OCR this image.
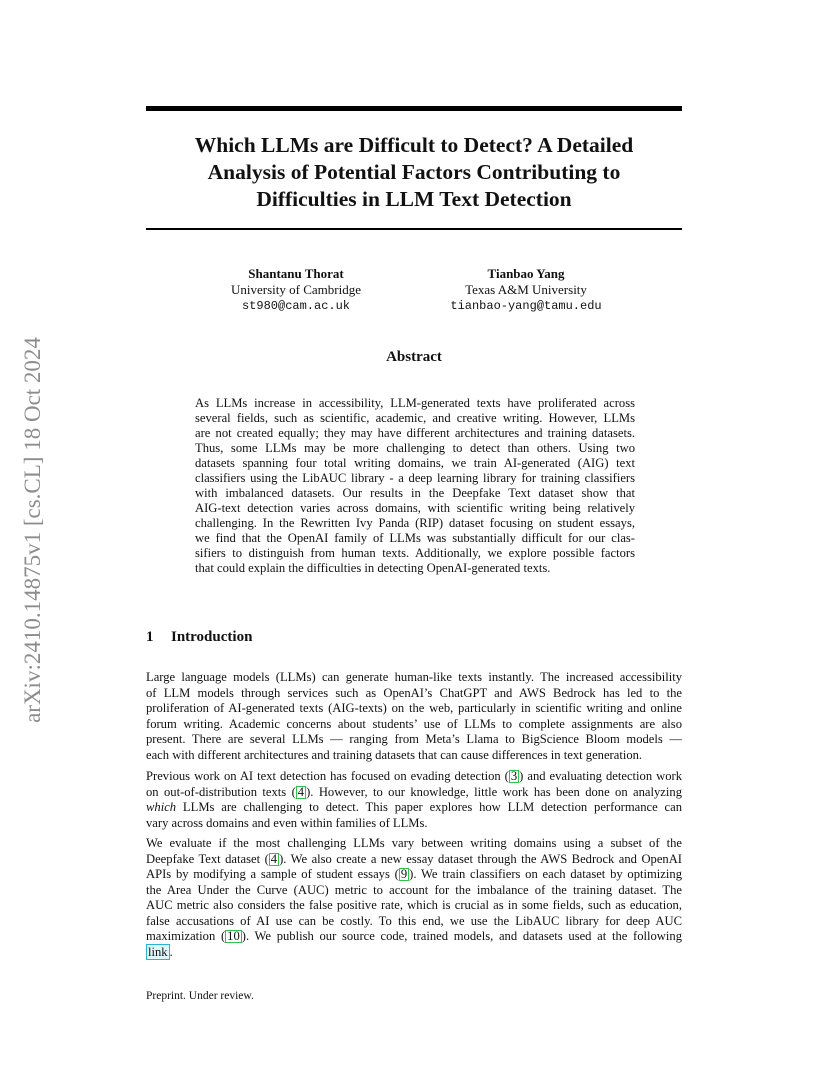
arXiv:2410.14875v1 [cs.CL] 18 Oct 2024
Which LLMs are Difficult to Detect? A Detailed
Analysis of Potential Factors Contributing to
Difficulties in LLM Text Detection
Shantanu Thorat
University of Cambridge
st980@cam.ac.uk
Tianbao Yang
Texas A&M University
tianbao-yang@tamu.edu
Abstract
As LLMs increase in accessibility, LLM-generated texts have proliferated across
several fields, such as scientific, academic, and creative writing. However, LLMs
are not created equally; they may have different architectures and training datasets.
Thus, some LLMs may be more challenging to detect than others. Using two
datasets spanning four total writing domains, we train AI-generated (AIG) text
classifiers using the LibAUC library - a deep learning library for training classifiers
with imbalanced datasets. Our results in the Deepfake Text dataset show that
AIG-text detection varies across domains, with scientific writing being relatively
challenging. In the Rewritten Ivy Panda (RIP) dataset focusing on student essays,
we find that the OpenAI family of LLMs was substantially difficult for our clas-
sifiers to distinguish from human texts. Additionally, we explore possible factors
that could explain the difficulties in detecting OpenAI-generated texts.
1 Introduction
Large language models (LLMs) can generate human-like texts instantly. The increased accessibility
of LLM models through services such as OpenAI’s ChatGPT and AWS Bedrock has led to the
proliferation of AI-generated texts (AIG-texts) on the web, particularly in scientific writing and online
forum writing. Academic concerns about students’ use of LLMs to complete assignments are also
present. There are several LLMs — ranging from Meta’s Llama to BigScience Bloom models —
each with different architectures and training datasets that can cause differences in text generation.
Previous work on AI text detection has focused on evading detection ( 3 ) and evaluating detection work
on out-of-distribution texts ( 4 ). However, to our knowledge, little work has been done on analyzing
which LLMs are challenging to detect. This paper explores how LLM detection performance can
vary across domains and even within families of LLMs.
We evaluate if the most challenging LLMs vary between writing domains using a subset of the
Deepfake Text dataset ( 4 ). We also create a new essay dataset through the AWS Bedrock and OpenAI
APIs by modifying a sample of student essays ( 9 ). We train classifiers on each dataset by optimizing
the Area Under the Curve (AUC) metric to account for the imbalance of the training dataset. The
AUC metric also considers the false positive rate, which is crucial as in some fields, such as education,
false accusations of AI use can be costly. To this end, we use the LibAUC library for deep AUC
maximization ( 10 ). We publish our source code, trained models, and datasets used at the following
link .

Preprint. Under review.
